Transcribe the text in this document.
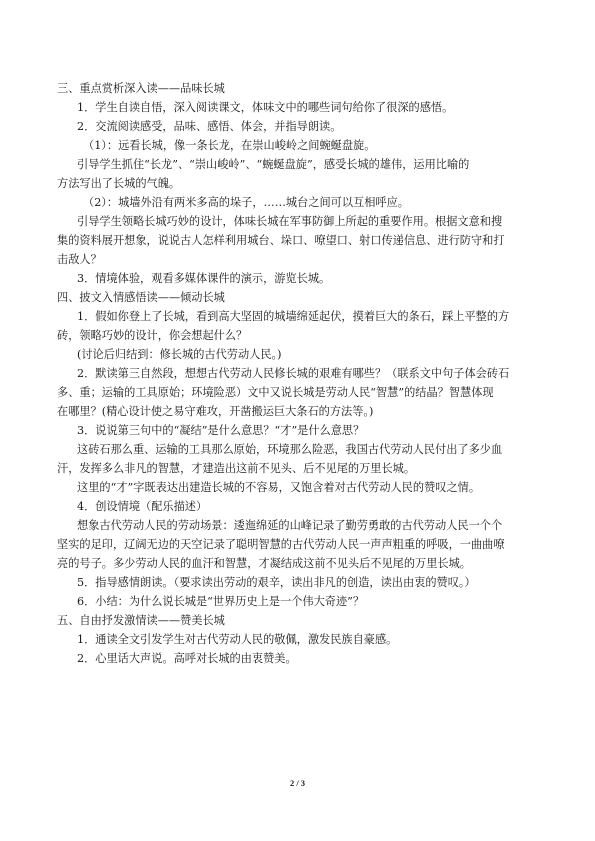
三、重点赏析深入读——品味长城

1．学生自读自悟，深入阅读课文，体味文中的哪些词句给你了很深的感悟。

2．交流阅读感受，品味、感悟、体会，并指导朗读。

（1）：远看长城，像一条长龙，在崇山峻岭之间蜿蜒盘旋。

引导学生抓住“长龙”、“崇山峻岭”、“蜿蜒盘旋”，感受长城的雄伟，运用比喻的

方法写出了长城的气魄。

（2）：城墙外沿有两米多高的垛子，……城台之间可以互相呼应。

引导学生领略长城巧妙的设计，体味长城在军事防御上所起的重要作用。根据文意和搜

集的资料展开想象，说说古人怎样利用城台、垛口、嘹望口、射口传递信息、进行防守和打

击敌人？

3．情境体验，观看多媒体课件的演示，游览长城。

四、披文入情感悟读——倾动长城

1．假如你登上了长城，看到高大坚固的城墙绵延起伏，摸着巨大的条石，踩上平整的方

砖，领略巧妙的设计，你会想起什么？

(讨论后归结到：修长城的古代劳动人民。)

2．默读第三自然段，想想古代劳动人民修长城的艰难有哪些？（联系文中句子体会砖石

多、重；运输的工具原始；环境险恶）文中又说长城是劳动人民“智慧”的结晶？智慧体现

在哪里？(精心设计使之易守难攻，开凿搬运巨大条石的方法等。)

3．说说第三句中的“凝结”是什么意思？“才”是什么意思？

这砖石那么重、运输的工具那么原始，环境那么险恶，我国古代劳动人民付出了多少血

汗，发挥多么非凡的智慧，才建造出这前不见头、后不见尾的万里长城。

这里的“才”字既表达出建造长城的不容易，又饱含着对古代劳动人民的赞叹之情。

4．创设情境（配乐描述）

想象古代劳动人民的劳动场景：逶迤绵延的山峰记录了勤劳勇敢的古代劳动人民一个个

坚实的足印，辽阔无边的天空记录了聪明智慧的古代劳动人民一声声粗重的呼吸，一曲曲嘹

亮的号子。多少劳动人民的血汗和智慧，才凝结成这前不见头后不见尾的万里长城。

5．指导感情朗读。（要求读出劳动的艰辛，读出非凡的创造，读出由衷的赞叹。）

6．小结：为什么说长城是“世界历史上是一个伟大奇迹”？

五、自由抒发激情读——赞美长城

1．通读全文引发学生对古代劳动人民的敬佩，激发民族自豪感。

2．心里话大声说。高呼对长城的由衷赞美。

2 / 3
